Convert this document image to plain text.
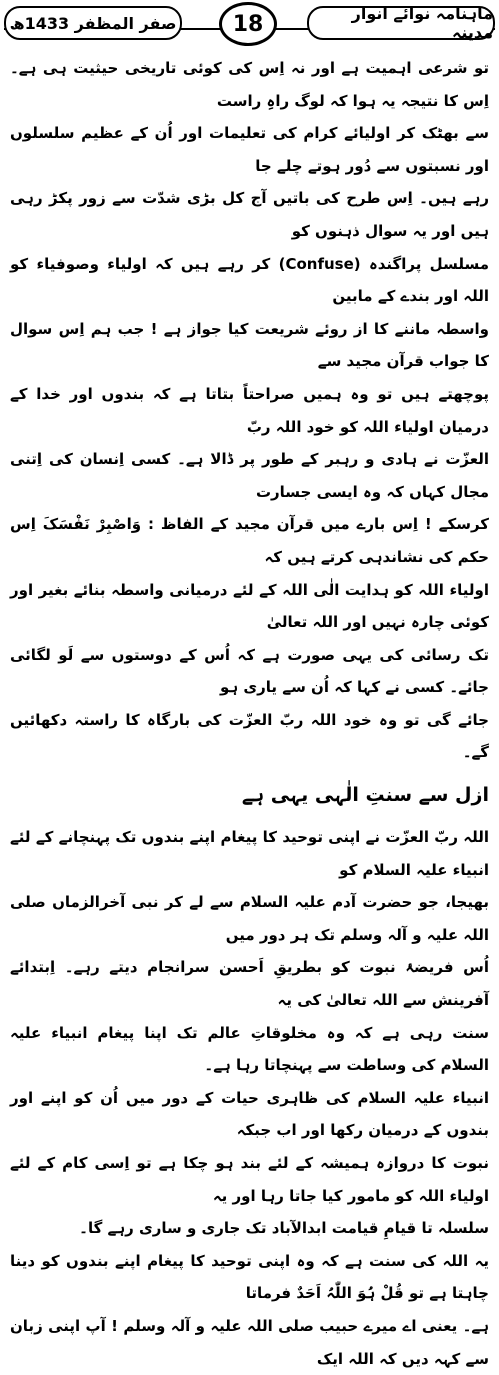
ماہنامہ نوائے انوار مدینہ
18
صفر المظفر 1433ھ

تو شرعی اہمیت ہے اور نہ اِس کی کوئی تاریخی حیثیت ہی ہے۔ اِس کا نتیجہ یہ ہوا کہ لوگ راہِ راست

سے بھٹک کر اولیائے کرام کی تعلیمات اور اُن کے عظیم سلسلوں اور نسبتوں سے دُور ہوتے چلے جا

رہے ہیں۔ اِس طرح کی باتیں آج کل بڑی شدّت سے زور پکڑ رہی ہیں اور یہ سوال ذہنوں کو

مسلسل پراگندہ (Confuse) کر رہے ہیں کہ اولیاء وصوفیاء کو اللہ اور بندے کے مابین

واسطہ ماننے کا از روئے شریعت کیا جواز ہے ! جب ہم اِس سوال کا جواب قرآن مجید سے

پوچھتے ہیں تو وہ ہمیں صراحتاً بتاتا ہے کہ بندوں اور خدا کے درمیان اولیاء اللہ کو خود اللہ ربّ

العزّت نے ہادی و رہبر کے طور پر ڈالا ہے۔ کسی اِنسان کی اِتنی مجال کہاں کہ وہ ایسی جسارت

کرسکے ! اِس بارے میں قرآن مجید کے الفاظ : وَاصْبِرْ نَفْسَکَ اِس حکم کی نشاندہی کرتے ہیں کہ

اولیاء اللہ کو ہدایت الٰی اللہ کے لئے درمیانی واسطہ بنائے بغیر اور کوئی چارہ نہیں اور اللہ تعالیٰ

تک رسائی کی یہی صورت ہے کہ اُس کے دوستوں سے لَو لگائی جائے۔ کسی نے کہا کہ اُن سے یاری ہو

جائے گی تو وہ خود اللہ ربّ العزّت کی بارگاہ کا راستہ دکھائیں گے۔

ازل سے سنتِ الٰہی یہی ہے

اللہ ربّ العزّت نے اپنی توحید کا پیغام اپنے بندوں تک پہنچانے کے لئے انبیاء علیہ السلام کو

بھیجا، جو حضرت آدم علیہ السلام سے لے کر نبی آخرالزماں صلی اللہ علیہ و آلہ وسلم تک ہر دور میں

اُس فریضۂ نبوت کو بطریقِ اَحسن سرانجام دیتے رہے۔ اِبتدائے آفرینش سے اللہ تعالیٰ کی یہ

سنت رہی ہے کہ وہ مخلوقاتِ عالم تک اپنا پیغام انبیاء علیہ السلام کی وساطت سے پہنچاتا رہا ہے۔

انبیاء علیہ السلام کی ظاہری حیات کے دور میں اُن کو اپنے اور بندوں کے درمیان رکھا اور اب جبکہ

نبوت کا دروازہ ہمیشہ کے لئے بند ہو چکا ہے تو اِسی کام کے لئے اولیاء اللہ کو مامور کیا جاتا رہا اور یہ

سلسلہ تا قیامِ قیامت ابدالآباد تک جاری و ساری رہے گا۔

یہ اللہ کی سنت ہے کہ وہ اپنی توحید کا پیغام اپنے بندوں کو دینا چاہتا ہے تو قُلْ ہُوَ اللّٰہُ اَحَدٌ فرماتا

ہے۔ یعنی اے میرے حبیب صلی اللہ علیہ و آلہ وسلم ! آپ اپنی زبان سے کہہ دیں کہ اللہ ایک
